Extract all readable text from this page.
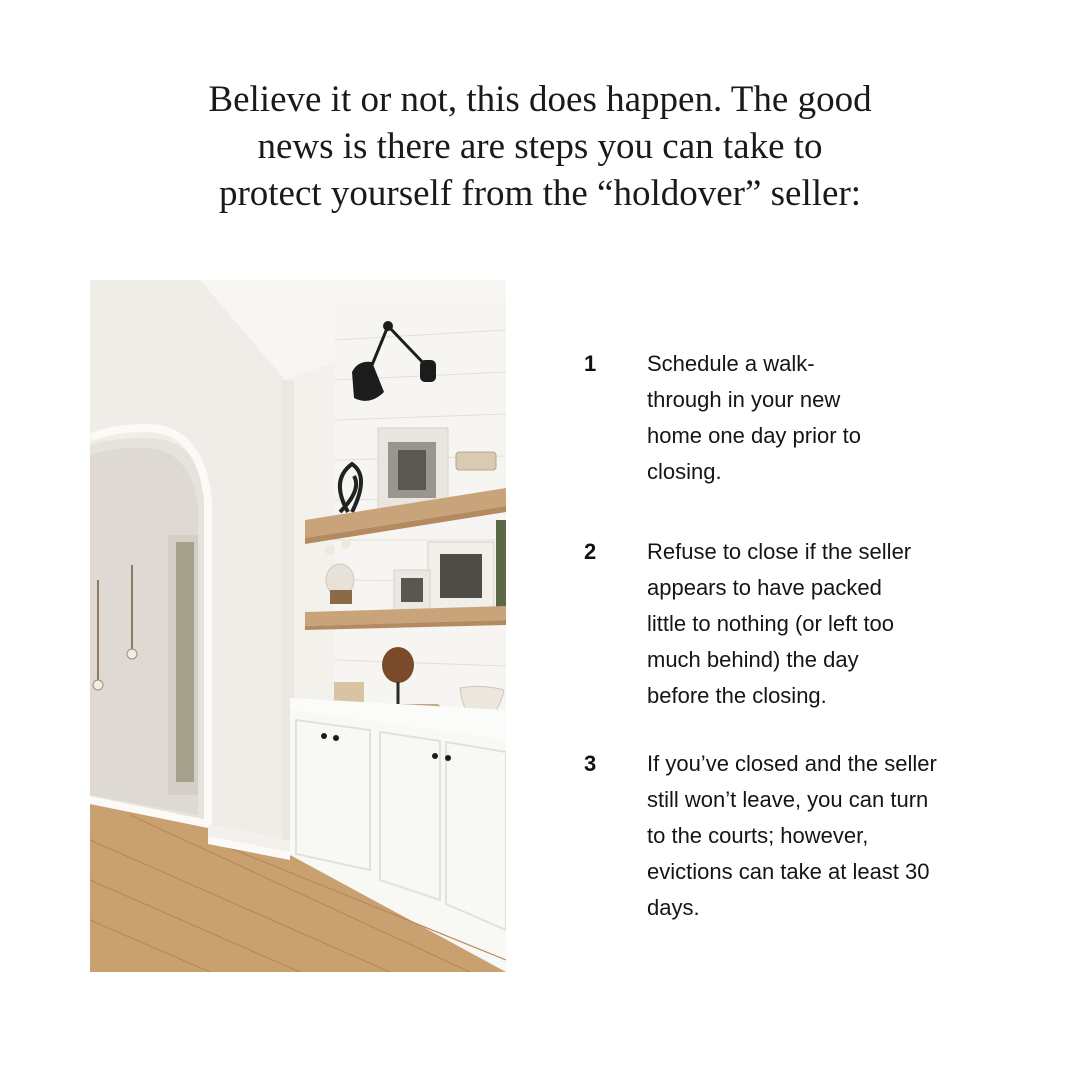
Believe it or not, this does happen. The good
news is there are steps you can take to
protect yourself from the “holdover” seller:
1 Schedule a walk-
through in your new
home one day prior to
closing.
2 Refuse to close if the seller
appears to have packed
little to nothing (or left too
much behind) the day
before the closing.
3 If you’ve closed and the seller
still won’t leave, you can turn
to the courts; however,
evictions can take at least 30
days.
